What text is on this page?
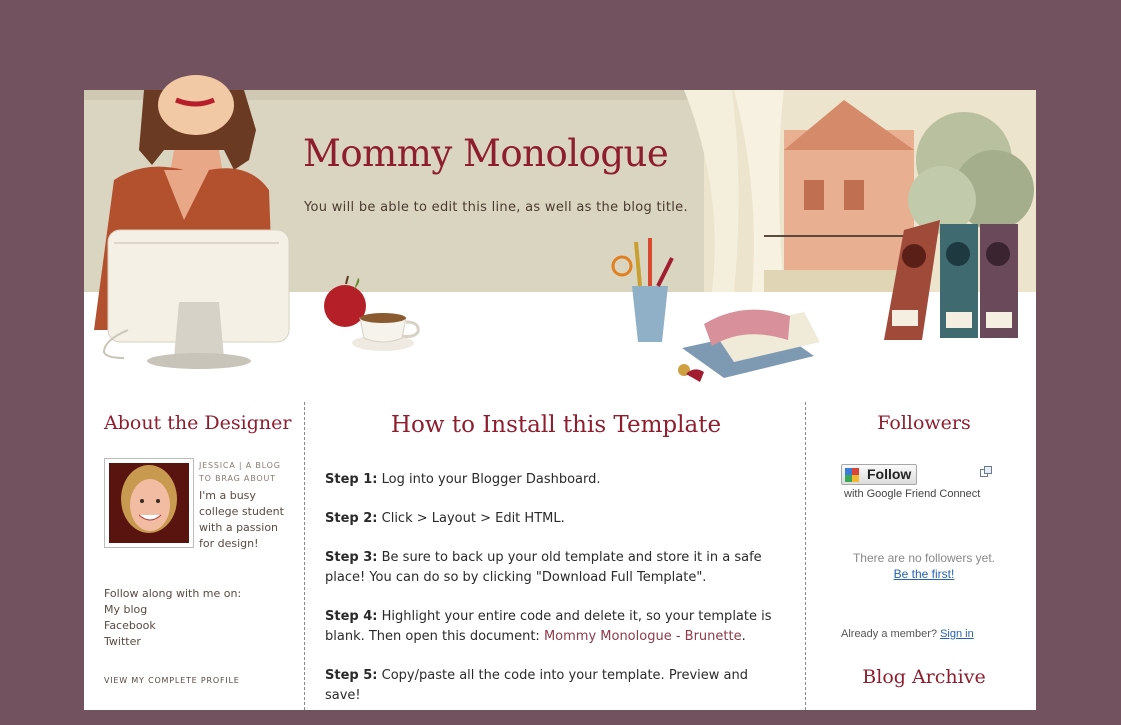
Mommy Monologue
You will be able to edit this line, as well as the blog title.
About the Designer
JESSICA | A BLOG TO BRAG ABOUT
I'm a busy college student with a passion for design!
Follow along with me on:
My blog
Facebook
Twitter
VIEW MY COMPLETE PROFILE
How to Install this Template
Step 1: Log into your Blogger Dashboard.
Step 2: Click > Layout > Edit HTML.
Step 3: Be sure to back up your old template and store it in a safe place! You can do so by clicking "Download Full Template".
Step 4: Highlight your entire code and delete it, so your template is blank. Then open this document: Mommy Monologue - Brunette.
Step 5: Copy/paste all the code into your template. Preview and save!
Followers
Follow
with Google Friend Connect
There are no followers yet.
Be the first!
Already a member? Sign in
Blog Archive
